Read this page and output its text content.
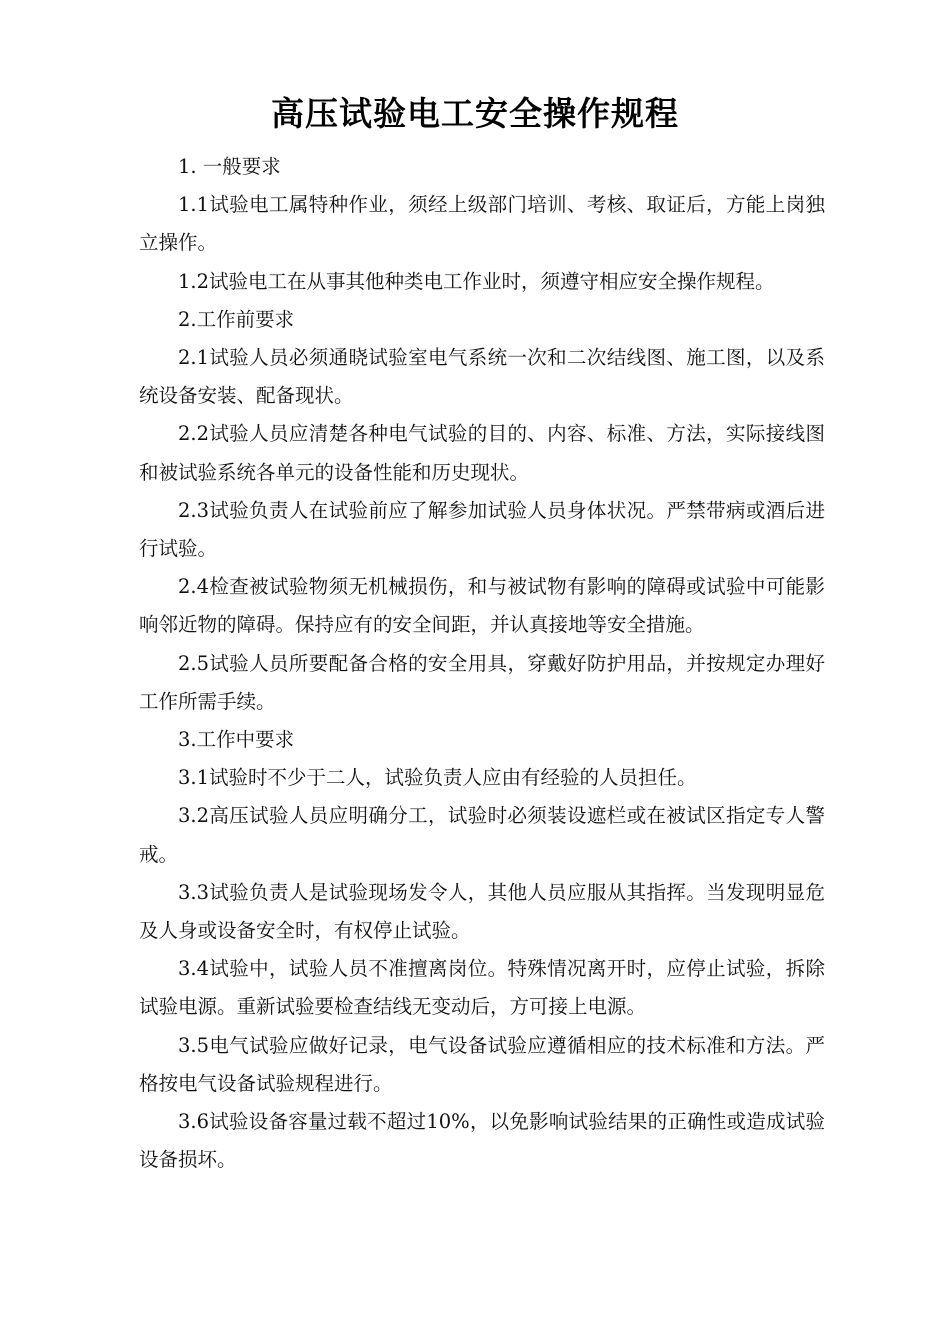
高压试验电工安全操作规程

1. 一般要求

1.1试验电工属特种作业，须经上级部门培训、考核、取证后，方能上岗独立操作。

1.2试验电工在从事其他种类电工作业时，须遵守相应安全操作规程。

2.工作前要求

2.1试验人员必须通晓试验室电气系统一次和二次结线图、施工图，以及系统设备安装、配备现状。

2.2试验人员应清楚各种电气试验的目的、内容、标准、方法，实际接线图和被试验系统各单元的设备性能和历史现状。

2.3试验负责人在试验前应了解参加试验人员身体状况。严禁带病或酒后进行试验。

2.4检查被试验物须无机械损伤，和与被试物有影响的障碍或试验中可能影响邻近物的障碍。保持应有的安全间距，并认真接地等安全措施。

2.5试验人员所要配备合格的安全用具，穿戴好防护用品，并按规定办理好工作所需手续。

3.工作中要求

3.1试验时不少于二人，试验负责人应由有经验的人员担任。

3.2高压试验人员应明确分工，试验时必须装设遮栏或在被试区指定专人警戒。

3.3试验负责人是试验现场发令人，其他人员应服从其指挥。当发现明显危及人身或设备安全时，有权停止试验。

3.4试验中，试验人员不准擅离岗位。特殊情况离开时，应停止试验，拆除试验电源。重新试验要检查结线无变动后，方可接上电源。

3.5电气试验应做好记录，电气设备试验应遵循相应的技术标准和方法。严格按电气设备试验规程进行。

3.6试验设备容量过载不超过10%，以免影响试验结果的正确性或造成试验设备损坏。
